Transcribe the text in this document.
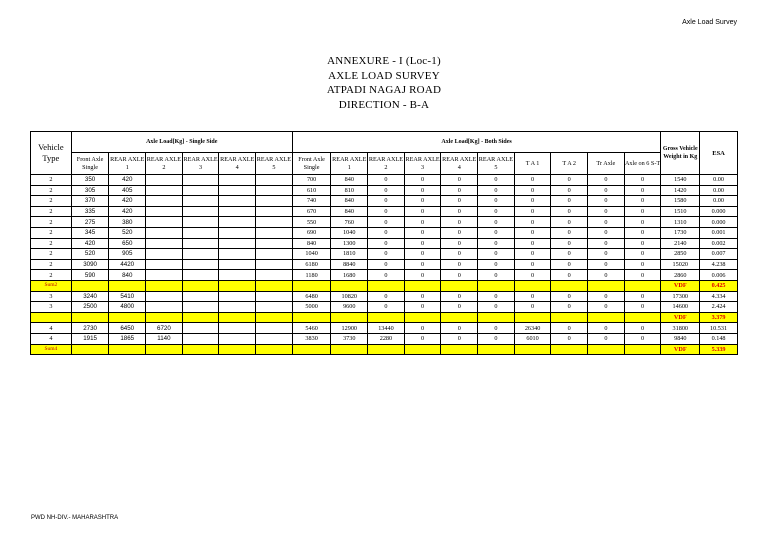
Axle Load Survey
ANNEXURE - I (Loc-1)
AXLE LOAD SURVEY
ATPADI NAGAJ ROAD
DIRECTION - B-A
Vehicle Type	Axle Load[Kg] - Single Side						Axle Load[Kg] - Both Sides										Gross Vehicle Weight in Kg	ESA
	Front Axle Single	REAR AXLE 1	REAR AXLE 2	REAR AXLE 3	REAR AXLE 4	REAR AXLE 5	Front Axle Single	REAR AXLE 1	REAR AXLE 2	REAR AXLE 3	REAR AXLE 4	REAR AXLE 5	T A 1	T A 2	Tr Axle	Axle on 6 S-T		
2	350	420					700	840	0	0	0	0	0	0	0	0	1540	0.00
2	305	405					610	810	0	0	0	0	0	0	0	0	1420	0.00
2	370	420					740	840	0	0	0	0	0	0	0	0	1580	0.00
2	335	420					670	840	0	0	0	0	0	0	0	0	1510	0.000
2	275	380					550	760	0	0	0	0	0	0	0	0	1310	0.000
2	345	520					690	1040	0	0	0	0	0	0	0	0	1730	0.001
2	420	650					840	1300	0	0	0	0	0	0	0	0	2140	0.002
2	520	905					1040	1810	0	0	0	0	0	0	0	0	2850	0.007
2	3090	4420					6180	8840	0	0	0	0	0	0	0	0	15020	4.238
2	590	840					1180	1680	0	0	0	0	0	0	0	0	2860	0.006
Sum2																	VDF	0.425
3	3240	5410					6480	10820	0	0	0	0	0	0	0	0	17300	4.334
3	2500	4800					5000	9600	0	0	0	0	0	0	0	0	14600	2.424
																	VDF	3.379
4	2730	6450	6720				5460	12900	13440	0	0	0	26340	0	0	0	31800	10.531
4	1915	1865	1140				3830	3730	2280	0	0	0	6010	0	0	0	9840	0.148
Sum4																	VDF	5.339
PWD NH-DIV.- MAHARASHTRA
